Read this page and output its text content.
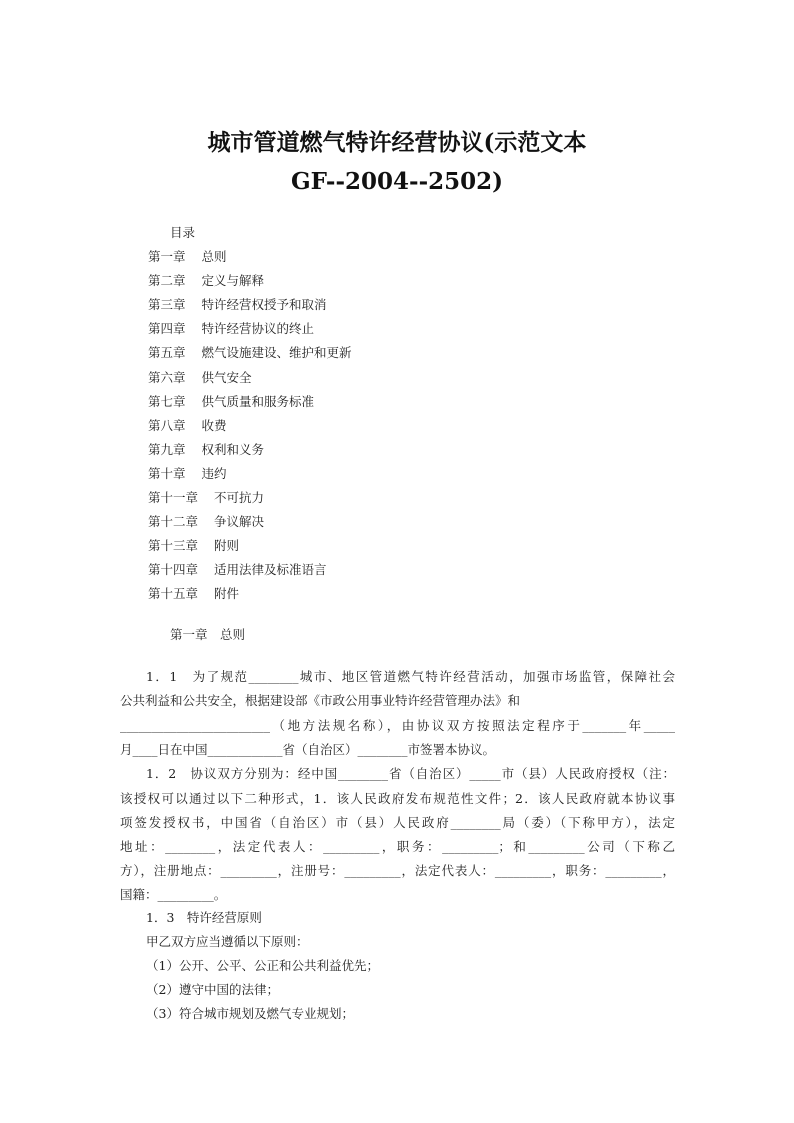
城市管道燃气特许经营协议(示范文本
GF--2004--2502)
目录
第一章 总则
第二章 定义与解释
第三章 特许经营权授予和取消
第四章 特许经营协议的终止
第五章 燃气设施建设、维护和更新
第六章 供气安全
第七章 供气质量和服务标准
第八章 收费
第九章 权利和义务
第十章 违约
第十一章 不可抗力
第十二章 争议解决
第十三章 附则
第十四章 适用法律及标准语言
第十五章 附件
第一章　总则
1．1　为了规范________城市、地区管道燃气特许经营活动，加强市场监管，保障社会
公共利益和公共安全，根据建设部《市政公用事业特许经营管理办法》和
________________________（地方法规名称），由协议双方按照法定程序于_______年_____
月____日在中国____________省（自治区）________市签署本协议。
1．2　协议双方分别为：经中国________省（自治区）_____市（县）人民政府授权（注：
该授权可以通过以下二种形式，1．该人民政府发布规范性文件；2．该人民政府就本协议事
项签发授权书，中国省（自治区）市（县）人民政府________局（委）（下称甲方），法定
地址：________，法定代表人：_________，职务：_________；和_________公司（下称乙
方），注册地点：_________，注册号：_________，法定代表人：_________，职务：_________，
国籍：_________。
1．3　特许经营原则
甲乙双方应当遵循以下原则：
（1）公开、公平、公正和公共利益优先；
（2）遵守中国的法律；
（3）符合城市规划及燃气专业规划；
